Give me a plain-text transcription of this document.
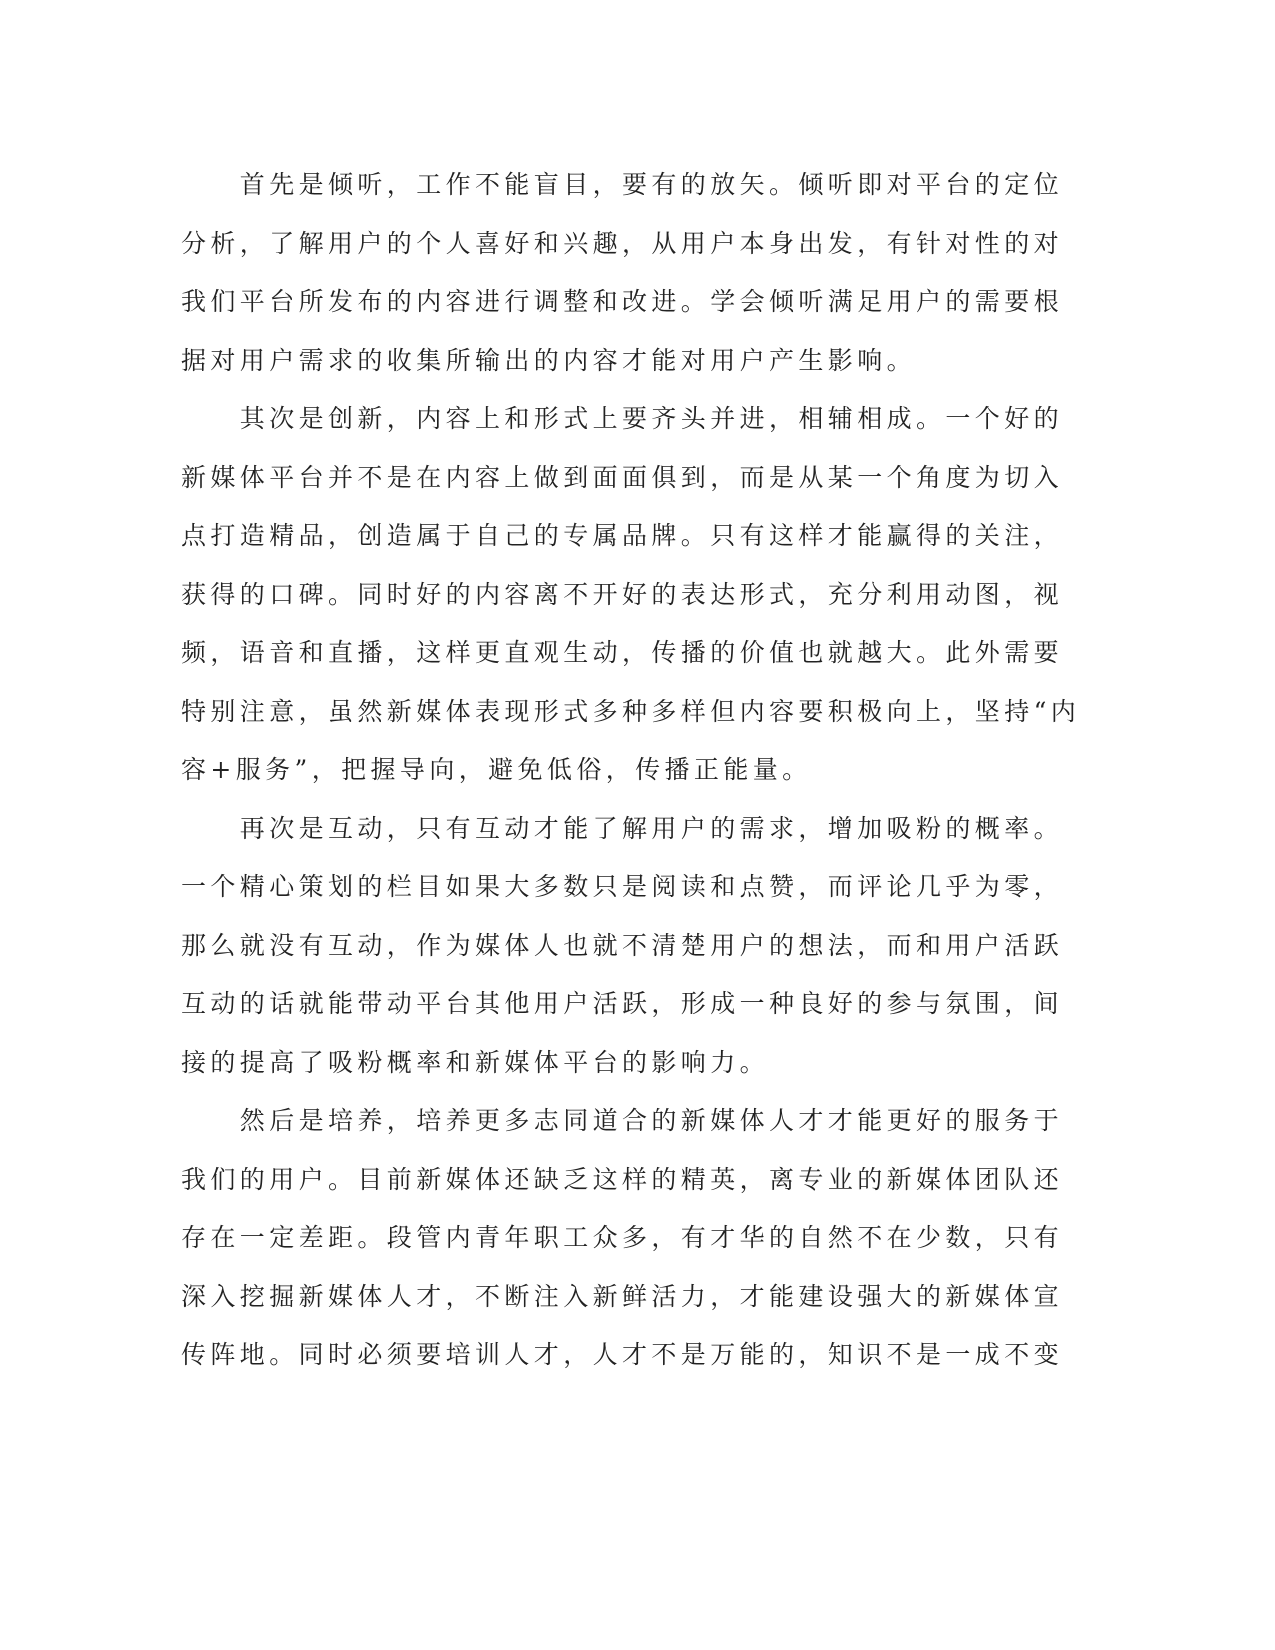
　　首先是倾听，工作不能盲目，要有的放矢。倾听即对平台的定位
分析，了解用户的个人喜好和兴趣，从用户本身出发，有针对性的对
我们平台所发布的内容进行调整和改进。学会倾听满足用户的需要根
据对用户需求的收集所输出的内容才能对用户产生影响。
　　其次是创新，内容上和形式上要齐头并进，相辅相成。一个好的
新媒体平台并不是在内容上做到面面俱到，而是从某一个角度为切入
点打造精品，创造属于自己的专属品牌。只有这样才能赢得的关注，
获得的口碑。同时好的内容离不开好的表达形式，充分利用动图，视
频，语音和直播，这样更直观生动，传播的价值也就越大。此外需要
特别注意，虽然新媒体表现形式多种多样但内容要积极向上，坚持“内
容+服务”，把握导向，避免低俗，传播正能量。
　　再次是互动，只有互动才能了解用户的需求，增加吸粉的概率。
一个精心策划的栏目如果大多数只是阅读和点赞，而评论几乎为零，
那么就没有互动，作为媒体人也就不清楚用户的想法，而和用户活跃
互动的话就能带动平台其他用户活跃，形成一种良好的参与氛围，间
接的提高了吸粉概率和新媒体平台的影响力。
　　然后是培养，培养更多志同道合的新媒体人才才能更好的服务于
我们的用户。目前新媒体还缺乏这样的精英，离专业的新媒体团队还
存在一定差距。段管内青年职工众多，有才华的自然不在少数，只有
深入挖掘新媒体人才，不断注入新鲜活力，才能建设强大的新媒体宣
传阵地。同时必须要培训人才，人才不是万能的，知识不是一成不变
